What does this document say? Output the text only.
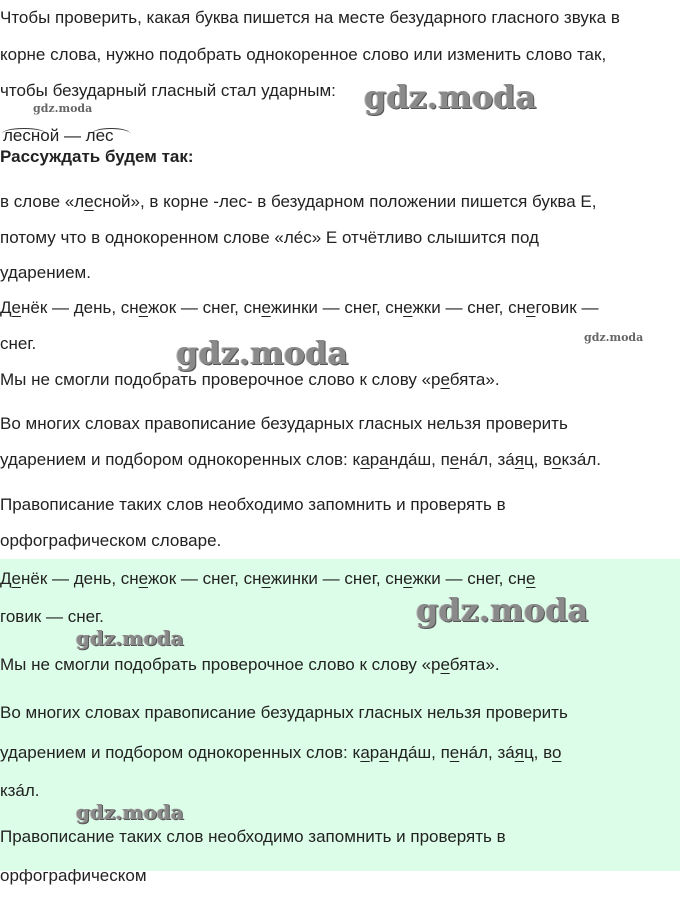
Чтобы проверить, какая буква пишется на месте безударного гласного звука в

корне слова, нужно подобрать однокоренное слово или изменить слово так,

чтобы безударный гласный стал ударным: gdz.moda
gdz.moda
лесной — лес

Рассуждать будем так:

в слове «лесной», в корне -лес- в безударном положении пишется буква Е,

потому что в однокоренном слове «ле́с» Е отчётливо слышится под

ударением.

Денёк — день, снежок — снег, снежинки — снег, снежки — снег, снеговик —

снег.	gdz.moda	gdz.moda

Мы не смогли подобрать проверочное слово к слову «ребята».

Во многих словах правописание безударных гласных нельзя проверить

ударением и подбором однокоренных слов: карандáш, пенáл, зáяц, вокзáл.

Правописание таких слов необходимо запомнить и проверять в

орфографическом словаре.

Денёк — день, снежок — снег, снежинки — снег, снежки — снег, сне

говик — снег.	gdz.moda
gdz.moda

Мы не смогли подобрать проверочное слово к слову «ребята».

Во многих словах правописание безударных гласных нельзя проверить

ударением и подбором однокоренных слов: карандáш, пенáл, зáяц, во

кзáл.

gdz.moda

Правописание таких слов необходимо запомнить и проверять в

орфографическом
